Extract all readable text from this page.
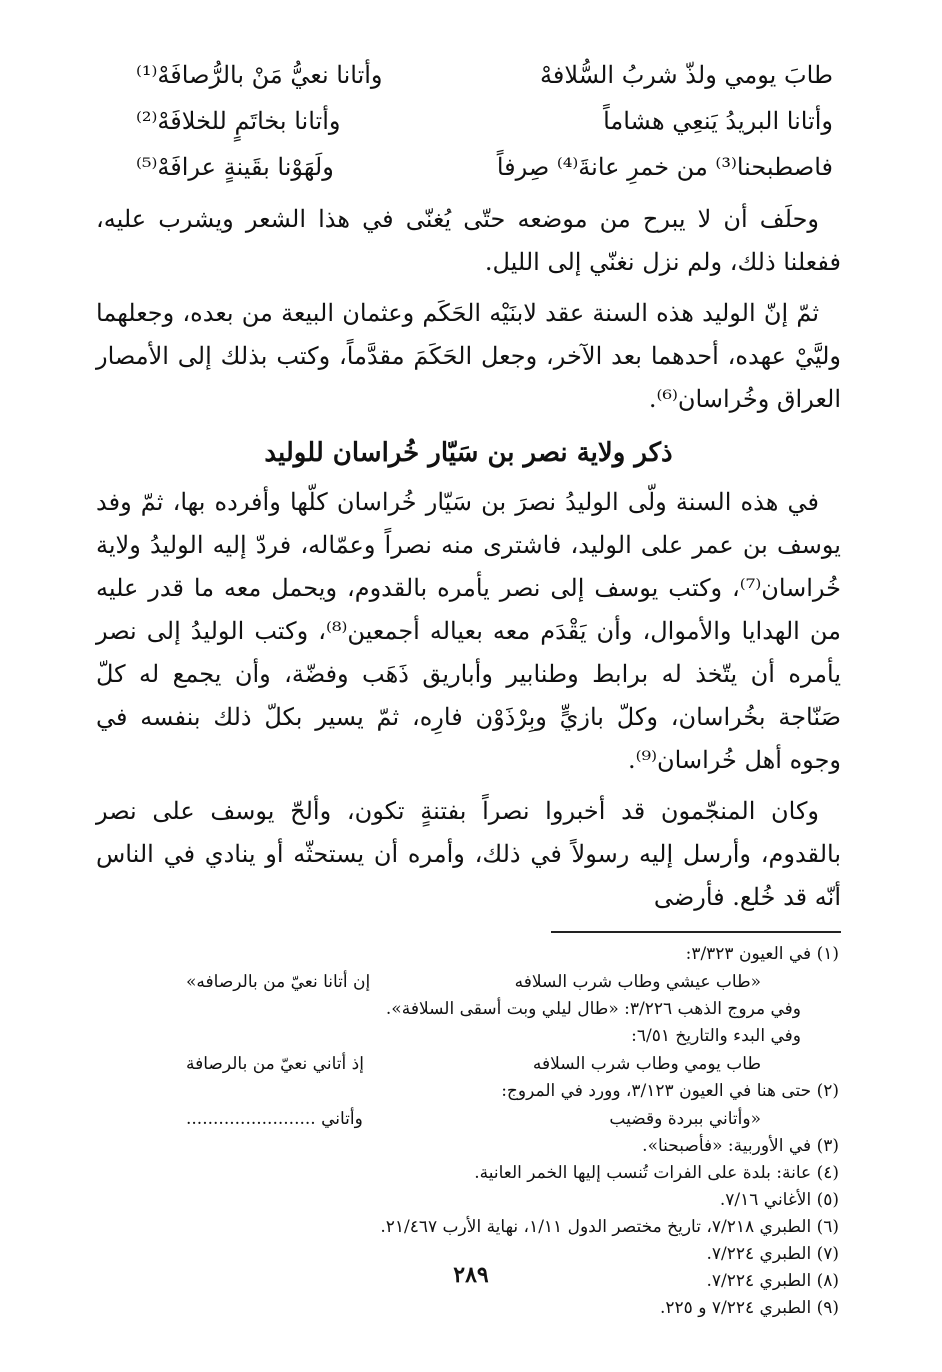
طابَ يومي ولذّ شربُ السُّلافهْ
وأتانا نعيُّ مَنْ بالرُّصافَهْ⁽¹⁾
وأتانا البريدُ يَنعِي هشاماً
وأتانا بخاتَمٍ للخلافَهْ⁽²⁾
فاصطبحنا⁽³⁾ من خمرِ عانةَ⁽⁴⁾ صِرفاً
ولَهَوْنا بقَينةٍ عرافَهْ⁽⁵⁾

وحلَف أن لا يبرح من موضعه حتّى يُغنّى في هذا الشعر ويشرب عليه، ففعلنا ذلك، ولم نزل نغنّي إلى الليل.

ثمّ إنّ الوليد هذه السنة عقد لابنَيْه الحَكَم وعثمان البيعة من بعده، وجعلهما وليَّيْ عهده، أحدهما بعد الآخر، وجعل الحَكَمَ مقدَّماً، وكتب بذلك إلى الأمصار العراق وخُراسان⁽⁶⁾.

ذكر ولاية نصر بن سَيّار خُراسان للوليد

في هذه السنة ولّى الوليدُ نصرَ بن سَيّار خُراسان كلّها وأفرده بها، ثمّ وفد يوسف بن عمر على الوليد، فاشترى منه نصراً وعمّاله، فردّ إليه الوليدُ ولاية خُراسان⁽⁷⁾، وكتب يوسف إلى نصر يأمره بالقدوم، ويحمل معه ما قدر عليه من الهدايا والأموال، وأن يَقْدَم معه بعياله أجمعين⁽⁸⁾، وكتب الوليدُ إلى نصر يأمره أن يتّخذ له برابط وطنابير وأباريق ذَهَب وفضّة، وأن يجمع له كلّ صَنّاجة بخُراسان، وكلّ بازيٍّ وبِرْذَوْن فارِه، ثمّ يسير بكلّ ذلك بنفسه في وجوه أهل خُراسان⁽⁹⁾.

وكان المنجّمون قد أخبروا نصراً بفتنةٍ تكون، وألحّ يوسف على نصر بالقدوم، وأرسل إليه رسولاً في ذلك، وأمره أن يستحثّه أو ينادي في الناس أنّه قد خُلع. فأرضى

(١) في العيون ٣/٣٢٣:
«طاب عيشي وطاب شرب السلافه
إن أتانا نعيّ من بالرصافه»
وفي مروج الذهب ٣/٢٢٦: «طال ليلي وبت أسقى السلافة».
وفي البدء والتاريخ ٦/٥١:
طاب يومي وطاب شرب السلافه
إذ أتاني نعيّ من بالرصافة
(٢) حتى هنا في العيون ٣/١٢٣، وورد في المروج:
«وأتاني ببردة وقضيب
وأتاني ........................
(٣) في الأوربية: «فأصبحنا».
(٤) عانة: بلدة على الفرات تُنسب إليها الخمر العانية.
(٥) الأغاني ٧/١٦.
(٦) الطبري ٧/٢١٨، تاريخ مختصر الدول ١/١١، نهاية الأرب ٢١/٤٦٧.
(٧) الطبري ٧/٢٢٤.
(٨) الطبري ٧/٢٢٤.
(٩) الطبري ٧/٢٢٤ و ٢٢٥.
٢٨٩
